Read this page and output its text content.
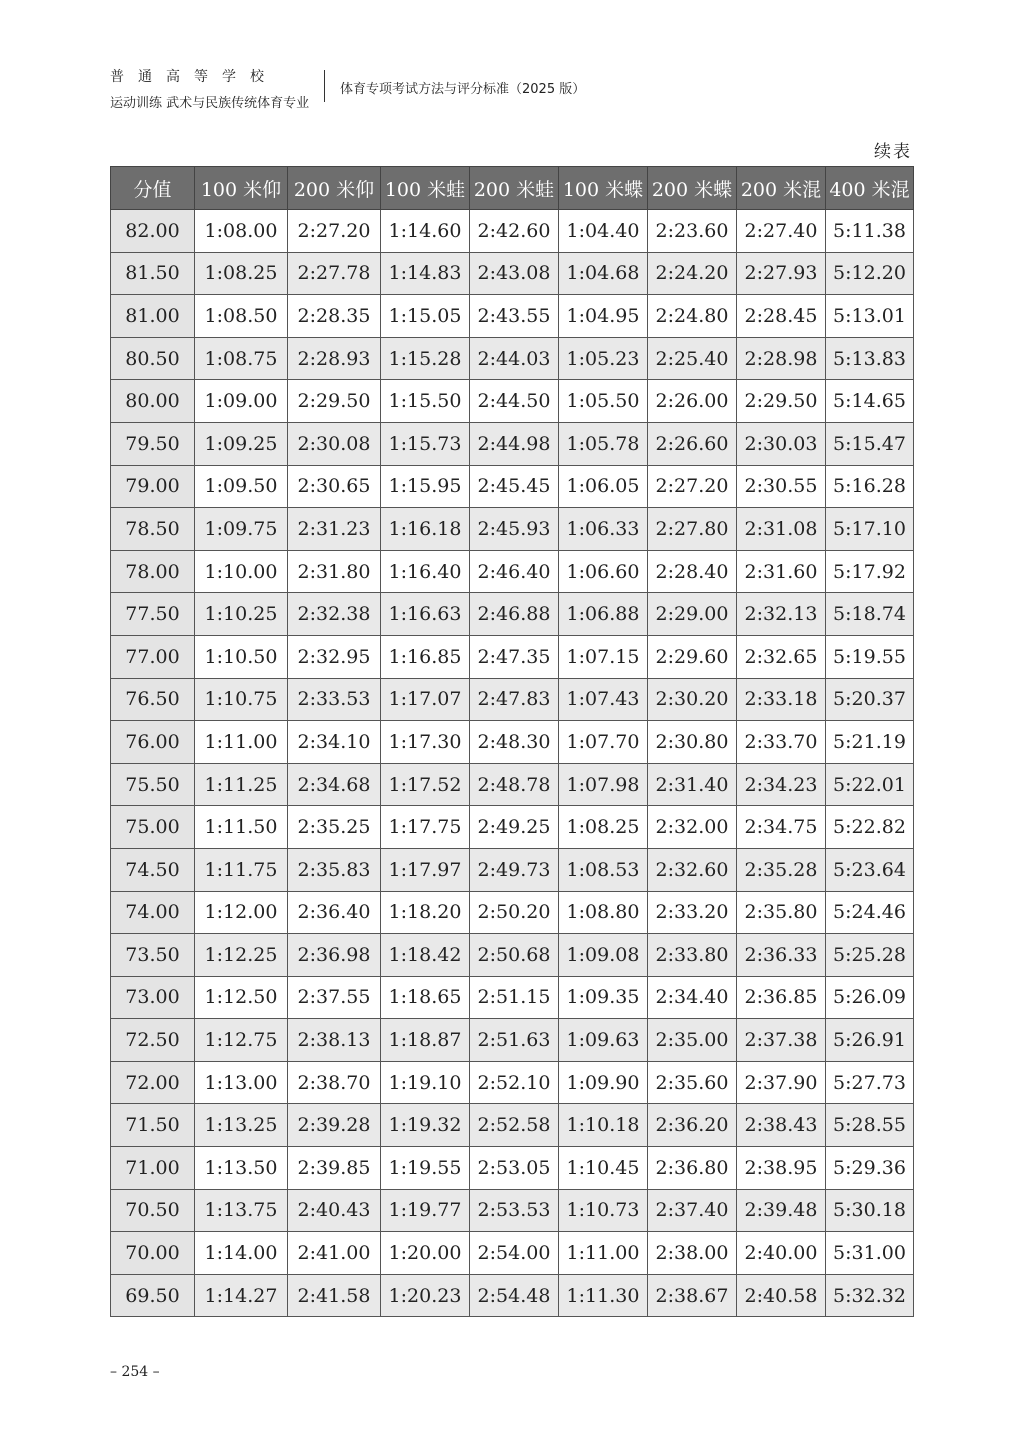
普通高等学校
运动训练 武术与民族传统体育专业
体育专项考试方法与评分标准（2025 版）
续表
分值	100 米仰	200 米仰	100 米蛙	200 米蛙	100 米蝶	200 米蝶	200 米混	400 米混
82.00	1:08.00	2:27.20	1:14.60	2:42.60	1:04.40	2:23.60	2:27.40	5:11.38
81.50	1:08.25	2:27.78	1:14.83	2:43.08	1:04.68	2:24.20	2:27.93	5:12.20
81.00	1:08.50	2:28.35	1:15.05	2:43.55	1:04.95	2:24.80	2:28.45	5:13.01
80.50	1:08.75	2:28.93	1:15.28	2:44.03	1:05.23	2:25.40	2:28.98	5:13.83
80.00	1:09.00	2:29.50	1:15.50	2:44.50	1:05.50	2:26.00	2:29.50	5:14.65
79.50	1:09.25	2:30.08	1:15.73	2:44.98	1:05.78	2:26.60	2:30.03	5:15.47
79.00	1:09.50	2:30.65	1:15.95	2:45.45	1:06.05	2:27.20	2:30.55	5:16.28
78.50	1:09.75	2:31.23	1:16.18	2:45.93	1:06.33	2:27.80	2:31.08	5:17.10
78.00	1:10.00	2:31.80	1:16.40	2:46.40	1:06.60	2:28.40	2:31.60	5:17.92
77.50	1:10.25	2:32.38	1:16.63	2:46.88	1:06.88	2:29.00	2:32.13	5:18.74
77.00	1:10.50	2:32.95	1:16.85	2:47.35	1:07.15	2:29.60	2:32.65	5:19.55
76.50	1:10.75	2:33.53	1:17.07	2:47.83	1:07.43	2:30.20	2:33.18	5:20.37
76.00	1:11.00	2:34.10	1:17.30	2:48.30	1:07.70	2:30.80	2:33.70	5:21.19
75.50	1:11.25	2:34.68	1:17.52	2:48.78	1:07.98	2:31.40	2:34.23	5:22.01
75.00	1:11.50	2:35.25	1:17.75	2:49.25	1:08.25	2:32.00	2:34.75	5:22.82
74.50	1:11.75	2:35.83	1:17.97	2:49.73	1:08.53	2:32.60	2:35.28	5:23.64
74.00	1:12.00	2:36.40	1:18.20	2:50.20	1:08.80	2:33.20	2:35.80	5:24.46
73.50	1:12.25	2:36.98	1:18.42	2:50.68	1:09.08	2:33.80	2:36.33	5:25.28
73.00	1:12.50	2:37.55	1:18.65	2:51.15	1:09.35	2:34.40	2:36.85	5:26.09
72.50	1:12.75	2:38.13	1:18.87	2:51.63	1:09.63	2:35.00	2:37.38	5:26.91
72.00	1:13.00	2:38.70	1:19.10	2:52.10	1:09.90	2:35.60	2:37.90	5:27.73
71.50	1:13.25	2:39.28	1:19.32	2:52.58	1:10.18	2:36.20	2:38.43	5:28.55
71.00	1:13.50	2:39.85	1:19.55	2:53.05	1:10.45	2:36.80	2:38.95	5:29.36
70.50	1:13.75	2:40.43	1:19.77	2:53.53	1:10.73	2:37.40	2:39.48	5:30.18
70.00	1:14.00	2:41.00	1:20.00	2:54.00	1:11.00	2:38.00	2:40.00	5:31.00
69.50	1:14.27	2:41.58	1:20.23	2:54.48	1:11.30	2:38.67	2:40.58	5:32.32
– 254 –
